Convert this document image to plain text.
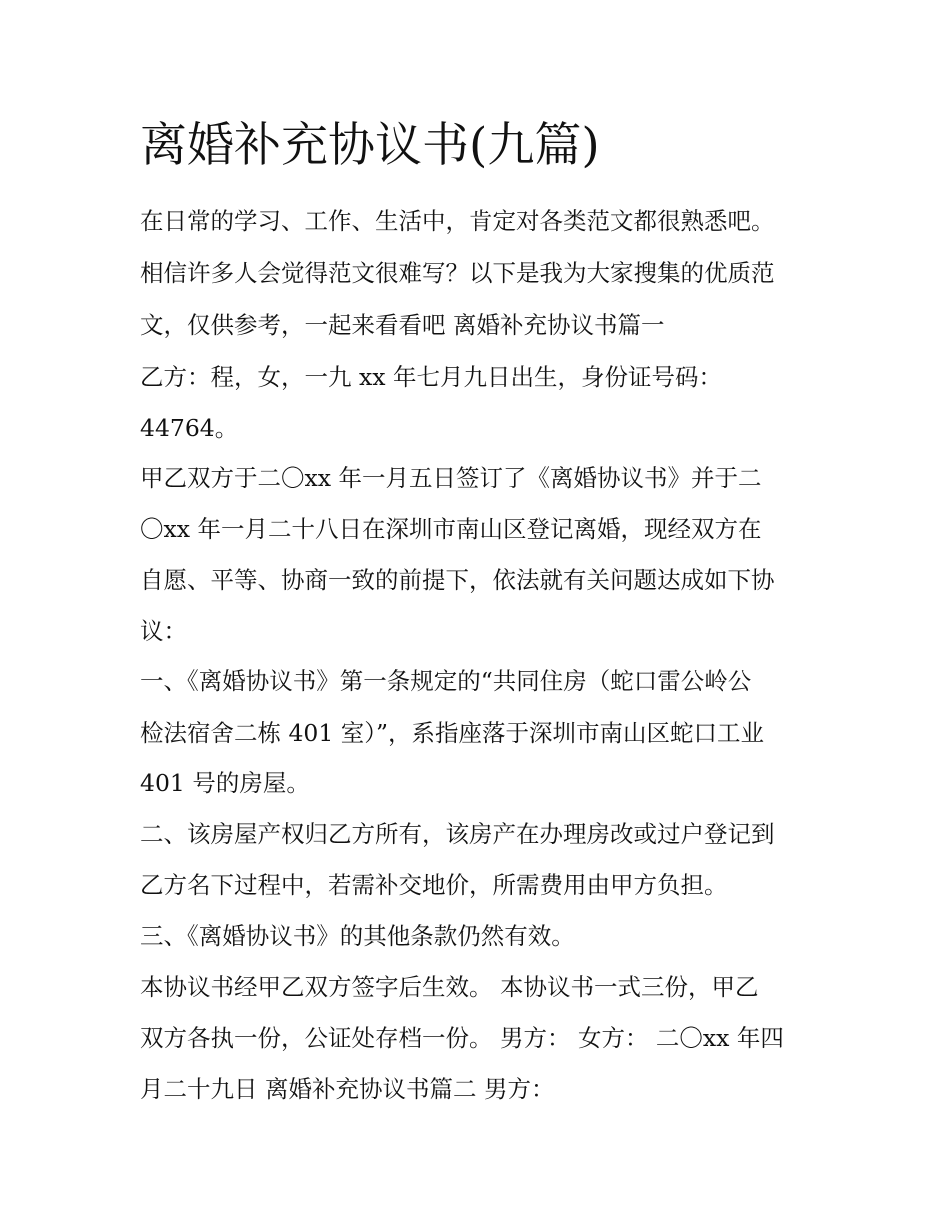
离婚补充协议书(九篇)

在日常的学习、工作、生活中，肯定对各类范文都很熟悉吧。

相信许多人会觉得范文很难写？以下是我为大家搜集的优质范

文，仅供参考，一起来看看吧 离婚补充协议书篇一

乙方：程，女，一九 xx 年七月九日出生，身份证号码：

44764。

甲乙双方于二〇xx 年一月五日签订了《离婚协议书》并于二

〇xx 年一月二十八日在深圳市南山区登记离婚，现经双方在

自愿、平等、协商一致的前提下，依法就有关问题达成如下协

议：

一、《离婚协议书》第一条规定的“共同住房（蛇口雷公岭公

检法宿舍二栋 401 室）”，系指座落于深圳市南山区蛇口工业

401 号的房屋。

二、该房屋产权归乙方所有，该房产在办理房改或过户登记到

乙方名下过程中，若需补交地价，所需费用由甲方负担。

三、《离婚协议书》的其他条款仍然有效。

本协议书经甲乙双方签字后生效。 本协议书一式三份，甲乙

双方各执一份，公证处存档一份。 男方： 女方： 二〇xx 年四

月二十九日 离婚补充协议书篇二 男方：
